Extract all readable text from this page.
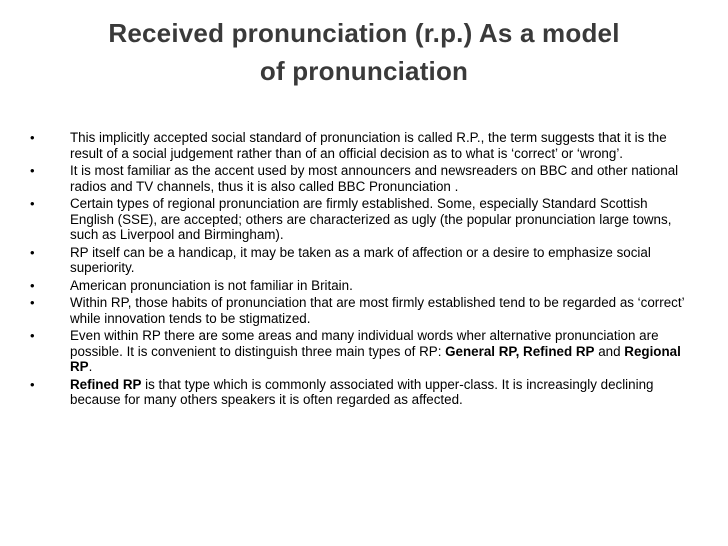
Received pronunciation (r.p.) As a model
of pronunciation
•	This implicitly accepted social standard of pronunciation is called R.P., the term suggests that it is the result of a social judgement rather than of an official decision as to what is ‘correct’ or ‘wrong’.
•	It is most familiar as the accent used by most announcers and newsreaders on BBC and other national radios and TV channels, thus it is also called BBC Pronunciation .
•	Certain types of regional pronunciation are firmly established. Some, especially Standard Scottish English (SSE), are accepted; others are characterized as ugly (the popular pronunciation large towns, such as Liverpool and Birmingham).
•	RP itself can be a handicap, it may be taken as a mark of affection or a desire to emphasize social superiority.
•	American pronunciation is not familiar in Britain.
•	Within RP, those habits of pronunciation that are most firmly established tend to be regarded as ‘correct’ while innovation tends to be stigmatized.
•	Even within RP there are some areas and many individual words wher alternative pronunciation are possible. It is convenient to distinguish three main types of RP: General RP, Refined RP and Regional RP.
•	Refined RP is that type which is commonly associated with upper-class. It is increasingly declining because for many others speakers it is often regarded as affected.
